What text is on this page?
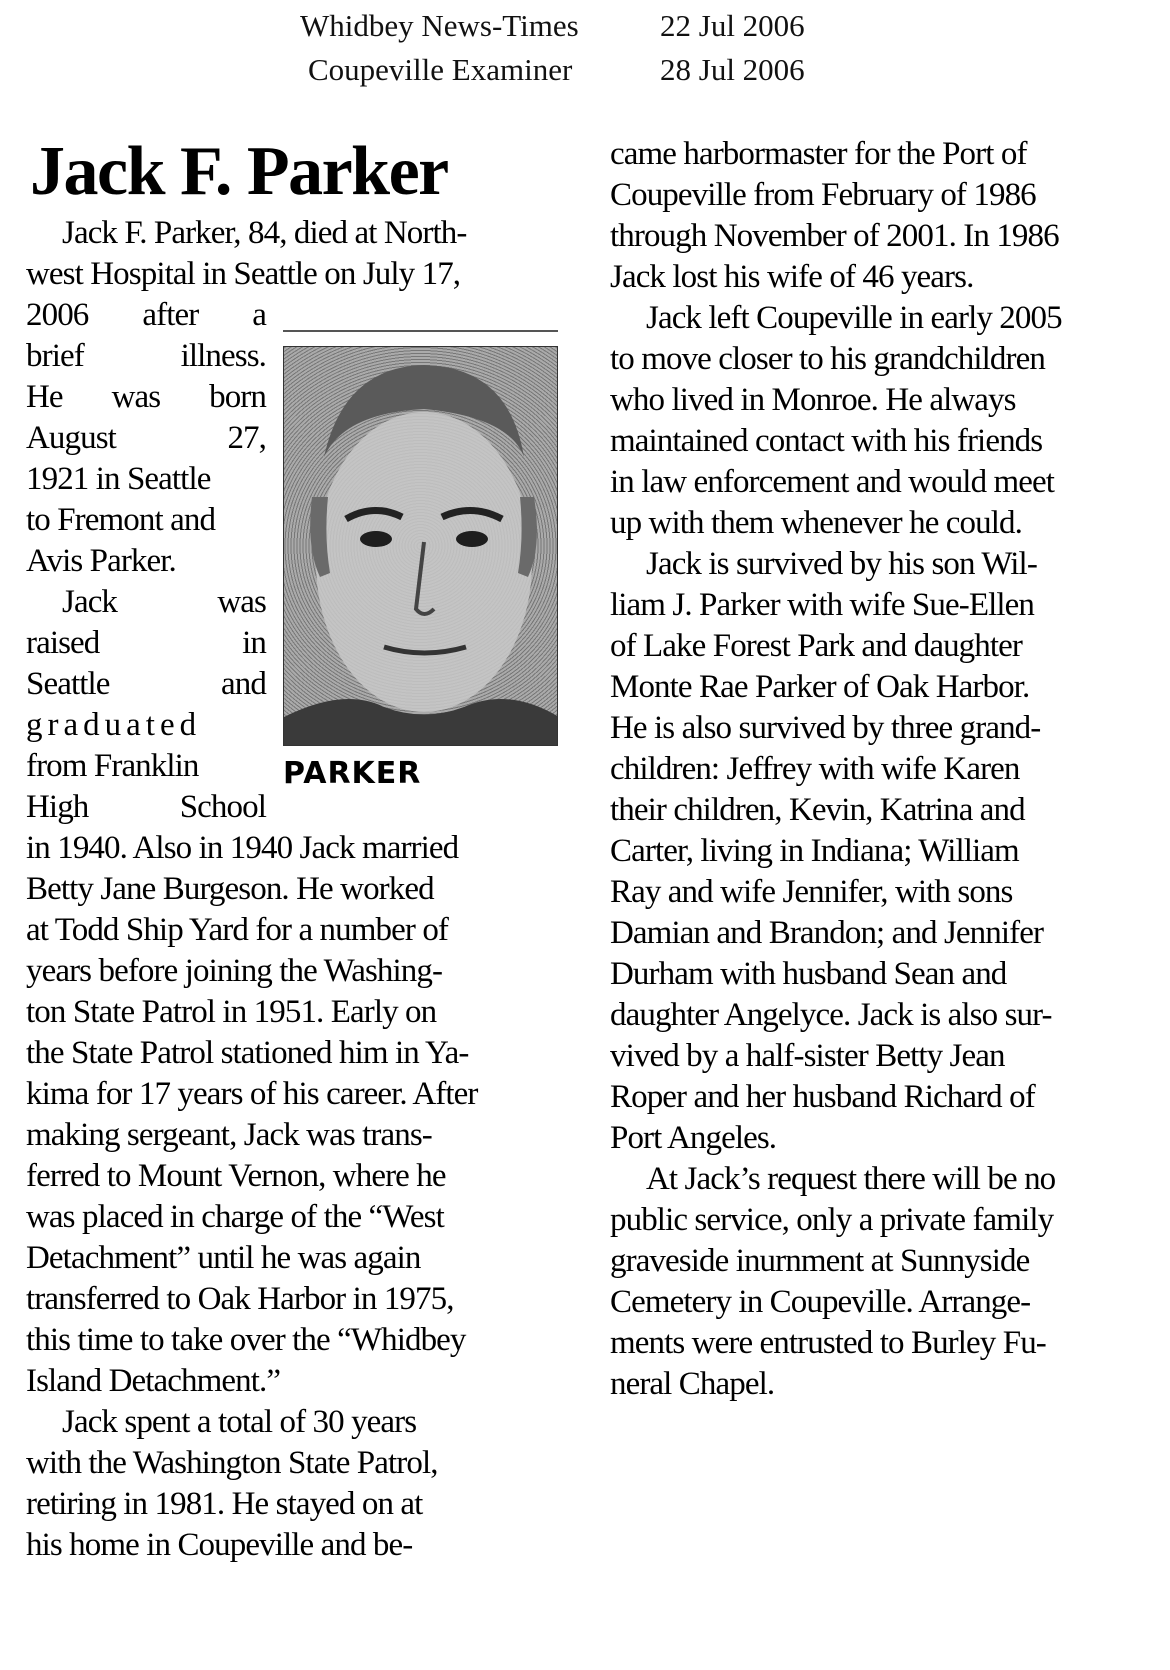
Whidbey News-Times	22 Jul 2006
Coupeville Examiner	28 Jul 2006
Jack F. Parker

Jack F. Parker, 84, died at North-
west Hospital in Seattle on July 17,
2006 after a
brief illness.
He was born
August 27,
1921 in Seattle
to Fremont and
Avis Parker.

Jack was
raised in
Seattle and
graduated
from Franklin
High School
in 1940. Also in 1940 Jack married
Betty Jane Burgeson. He worked
at Todd Ship Yard for a number of
years before joining the Washing-
ton State Patrol in 1951. Early on
the State Patrol stationed him in Ya-
kima for 17 years of his career. After
making sergeant, Jack was trans-
ferred to Mount Vernon, where he
was placed in charge of the “West
Detachment” until he was again
transferred to Oak Harbor in 1975,
this time to take over the “Whidbey
Island Detachment.”

Jack spent a total of 30 years
with the Washington State Patrol,
retiring in 1981. He stayed on at
his home in Coupeville and be-

PARKER

came harbormaster for the Port of
Coupeville from February of 1986
through November of 2001. In 1986
Jack lost his wife of 46 years.

Jack left Coupeville in early 2005
to move closer to his grandchildren
who lived in Monroe. He always
maintained contact with his friends
in law enforcement and would meet
up with them whenever he could.

Jack is survived by his son Wil-
liam J. Parker with wife Sue-Ellen
of Lake Forest Park and daughter
Monte Rae Parker of Oak Harbor.
He is also survived by three grand-
children: Jeffrey with wife Karen
their children, Kevin, Katrina and
Carter, living in Indiana; William
Ray and wife Jennifer, with sons
Damian and Brandon; and Jennifer
Durham with husband Sean and
daughter Angelyce. Jack is also sur-
vived by a half-sister Betty Jean
Roper and her husband Richard of
Port Angeles.

At Jack’s request there will be no
public service, only a private family
graveside inurnment at Sunnyside
Cemetery in Coupeville. Arrange-
ments were entrusted to Burley Fu-
neral Chapel.
